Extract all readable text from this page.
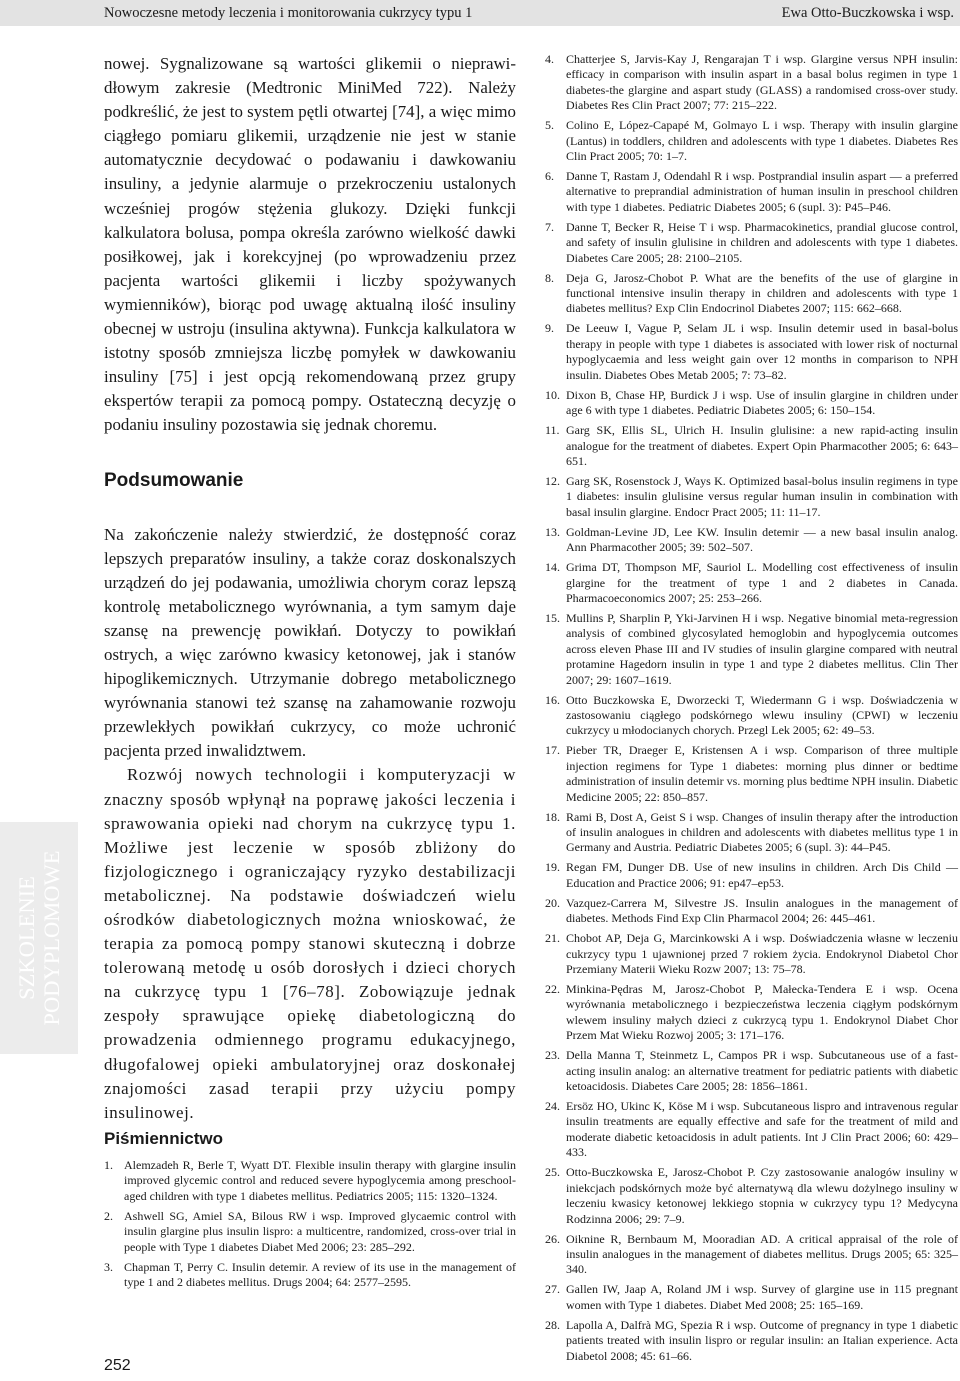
Nowoczesne metody leczenia i monitorowania cukrzycy typu 1	Ewa Otto-Buczkowska i wsp.
SZKOLENIE PODYPLOMOWE

nowej. Sygnalizowane są wartości glikemii o nieprawidłowym zakresie (Medtronic MiniMed 722). Należy podkreślić, że jest to system pętli otwartej [74], a więc mimo ciągłego pomiaru glikemii, urządzenie nie jest w stanie automatycznie decydować o podawaniu i dawkowaniu insuliny, a jedynie alarmuje o przekroczeniu ustalonych wcześniej progów stężenia glukozy. Dzięki funkcji kalkulatora bolusa, pompa określa zarówno wielkość dawki posiłkowej, jak i korekcyjnej (po wprowadzeniu przez pacjenta wartości glikemii i liczby spożywanych wymienników), biorąc pod uwagę aktualną ilość insuliny obecnej w ustroju (insulina aktywna). Funkcja kalkulatora w istotny sposób zmniejsza liczbę pomyłek w dawkowaniu insuliny [75] i jest opcją rekomendowaną przez grupy ekspertów terapii za pomocą pompy. Ostateczną decyzję o podaniu insuliny pozostawia się jednak choremu.

Podsumowanie

Na zakończenie należy stwierdzić, że dostępność coraz lepszych preparatów insuliny, a także coraz doskonalszych urządzeń do jej podawania, umożliwia chorym coraz lepszą kontrolę metabolicznego wyrównania, a tym samym daje szansę na prewencję powikłań. Dotyczy to powikłań ostrych, a więc zarówno kwasicy ketonowej, jak i stanów hipoglikemicznych. Utrzymanie dobrego metabolicznego wyrównania stanowi też szansę na zahamowanie rozwoju przewlekłych powikłań cukrzycy, co może uchronić pacjenta przed inwalidztwem.

Rozwój nowych technologii i komputeryzacji w znaczny sposób wpłynął na poprawę jakości leczenia i sprawowania opieki nad chorym na cukrzycę typu 1. Możliwe jest leczenie w sposób zbliżony do fizjologicznego i ograniczający ryzyko destabilizacji metabolicznej. Na podstawie doświadczeń wielu ośrodków diabetologicznych można wnioskować, że terapia za pomocą pompy stanowi skuteczną i dobrze tolerowaną metodę u osób dorosłych i dzieci chorych na cukrzycę typu 1 [76–78]. Zobowiązuje jednak zespoły sprawujące opiekę diabetologiczną do prowadzenia odmiennego programu edukacyjnego, długofalowej opieki ambulatoryjnej oraz doskonałej znajomości zasad terapii przy użyciu pompy insulinowej.

Piśmiennictwo
1. Alemzadeh R, Berle T, Wyatt DT. Flexible insulin therapy with glargine insulin improved glycemic control and reduced severe hypoglycemia among preschool-aged children with type 1 diabetes mellitus. Pediatrics 2005; 115: 1320–1324.
2. Ashwell SG, Amiel SA, Bilous RW i wsp. Improved glycaemic control with insulin glargine plus insulin lispro: a multicentre, randomized, cross-over trial in people with Type 1 diabetes Diabet Med 2006; 23: 285–292.
3. Chapman T, Perry C. Insulin detemir. A review of its use in the management of type 1 and 2 diabetes mellitus. Drugs 2004; 64: 2577–2595.
4. Chatterjee S, Jarvis-Kay J, Rengarajan T i wsp. Glargine versus NPH insulin: efficacy in comparison with insulin aspart in a basal bolus regimen in type 1 diabetes-the glargine and aspart study (GLASS) a randomised cross-over study. Diabetes Res Clin Pract 2007; 77: 215–222.
5. Colino E, López-Capapé M, Golmayo L i wsp. Therapy with insulin glargine (Lantus) in toddlers, children and adolescents with type 1 diabetes. Diabetes Res Clin Pract 2005; 70: 1–7.
6. Danne T, Rastam J, Odendahl R i wsp. Postprandial insulin aspart — a preferred alternative to preprandial administration of human insulin in preschool children with type 1 diabetes. Pediatric Diabetes 2005; 6 (supl. 3): P45–P46.
7. Danne T, Becker R, Heise T i wsp. Pharmacokinetics, prandial glucose control, and safety of insulin glulisine in children and adolescents with type 1 diabetes. Diabetes Care 2005; 28: 2100–2105.
8. Deja G, Jarosz-Chobot P. What are the benefits of the use of glargine in functional intensive insulin therapy in children and adolescents with type 1 diabetes mellitus? Exp Clin Endocrinol Diabetes 2007; 115: 662–668.
9. De Leeuw I, Vague P, Selam JL i wsp. Insulin detemir used in basal-bolus therapy in people with type 1 diabetes is associated with lower risk of nocturnal hypoglycaemia and less weight gain over 12 months in comparison to NPH insulin. Diabetes Obes Metab 2005; 7: 73–82.
10. Dixon B, Chase HP, Burdick J i wsp. Use of insulin glargine in children under age 6 with type 1 diabetes. Pediatric Diabetes 2005; 6: 150–154.
11. Garg SK, Ellis SL, Ulrich H. Insulin glulisine: a new rapid-acting insulin analogue for the treatment of diabetes. Expert Opin Pharmacother 2005; 6: 643–651.
12. Garg SK, Rosenstock J, Ways K. Optimized basal-bolus insulin regimens in type 1 diabetes: insulin glulisine versus regular human insulin in combination with basal insulin glargine. Endocr Pract 2005; 11: 11–17.
13. Goldman-Levine JD, Lee KW. Insulin detemir — a new basal insulin analog. Ann Pharmacother 2005; 39: 502–507.
14. Grima DT, Thompson MF, Sauriol L. Modelling cost effectiveness of insulin glargine for the treatment of type 1 and 2 diabetes in Canada. Pharmacoeconomics 2007; 25: 253–266.
15. Mullins P, Sharplin P, Yki-Jarvinen H i wsp. Negative binomial meta-regression analysis of combined glycosylated hemoglobin and hypoglycemia outcomes across eleven Phase III and IV studies of insulin glargine compared with neutral protamine Hagedorn insulin in type 1 and type 2 diabetes mellitus. Clin Ther 2007; 29: 1607–1619.
16. Otto Buczkowska E, Dworzecki T, Wiedermann G i wsp. Doświadczenia w zastosowaniu ciągłego podskórnego wlewu insuliny (CPWI) w leczeniu cukrzycy u młodocianych chorych. Przegl Lek 2005; 62: 49–53.
17. Pieber TR, Draeger E, Kristensen A i wsp. Comparison of three multiple injection regimens for Type 1 diabetes: morning plus dinner or bedtime administration of insulin detemir vs. morning plus bedtime NPH insulin. Diabetic Medicine 2005; 22: 850–857.
18. Rami B, Dost A, Geist S i wsp. Changes of insulin therapy after the introduction of insulin analogues in children and adolescents with diabetes mellitus type 1 in Germany and Austria. Pediatric Diabetes 2005; 6 (supl. 3): 44–P45.
19. Regan FM, Dunger DB. Use of new insulins in children. Arch Dis Child — Education and Practice 2006; 91: ep47–ep53.
20. Vazquez-Carrera M, Silvestre JS. Insulin analogues in the management of diabetes. Methods Find Exp Clin Pharmacol 2004; 26: 445–461.
21. Chobot AP, Deja G, Marcinkowski A i wsp. Doświadczenia własne w leczeniu cukrzycy typu 1 ujawnionej przed 7 rokiem życia. Endokrynol Diabetol Chor Przemiany Materii Wieku Rozw 2007; 13: 75–78.
22. Minkina-Pędras M, Jarosz-Chobot P, Małecka-Tendera E i wsp. Ocena wyrównania metabolicznego i bezpieczeństwa leczenia ciągłym podskórnym wlewem insuliny małych dzieci z cukrzycą typu 1. Endokrynol Diabet Chor Przem Mat Wieku Rozwoj 2005; 3: 171–176.
23. Della Manna T, Steinmetz L, Campos PR i wsp. Subcutaneous use of a fast-acting insulin analog: an alternative treatment for pediatric patients with diabetic ketoacidosis. Diabetes Care 2005; 28: 1856–1861.
24. Ersöz HO, Ukinc K, Köse M i wsp. Subcutaneous lispro and intravenous regular insulin treatments are equally effective and safe for the treatment of mild and moderate diabetic ketoacidosis in adult patients. Int J Clin Pract 2006; 60: 429–433.
25. Otto-Buczkowska E, Jarosz-Chobot P. Czy zastosowanie analogów insuliny w iniekcjach podskórnych może być alternatywą dla wlewu dożylnego insuliny w leczeniu kwasicy ketonowej lekkiego stopnia w cukrzycy typu 1? Medycyna Rodzinna 2006; 29: 7–9.
26. Oiknine R, Bernbaum M, Mooradian AD. A critical appraisal of the role of insulin analogues in the management of diabetes mellitus. Drugs 2005; 65: 325–340.
27. Gallen IW, Jaap A, Roland JM i wsp. Survey of glargine use in 115 pregnant women with Type 1 diabetes. Diabet Med 2008; 25: 165–169.
28. Lapolla A, Dalfrà MG, Spezia R i wsp. Outcome of pregnancy in type 1 diabetic patients treated with insulin lispro or regular insulin: an Italian experience. Acta Diabetol 2008; 45: 61–66.
252
